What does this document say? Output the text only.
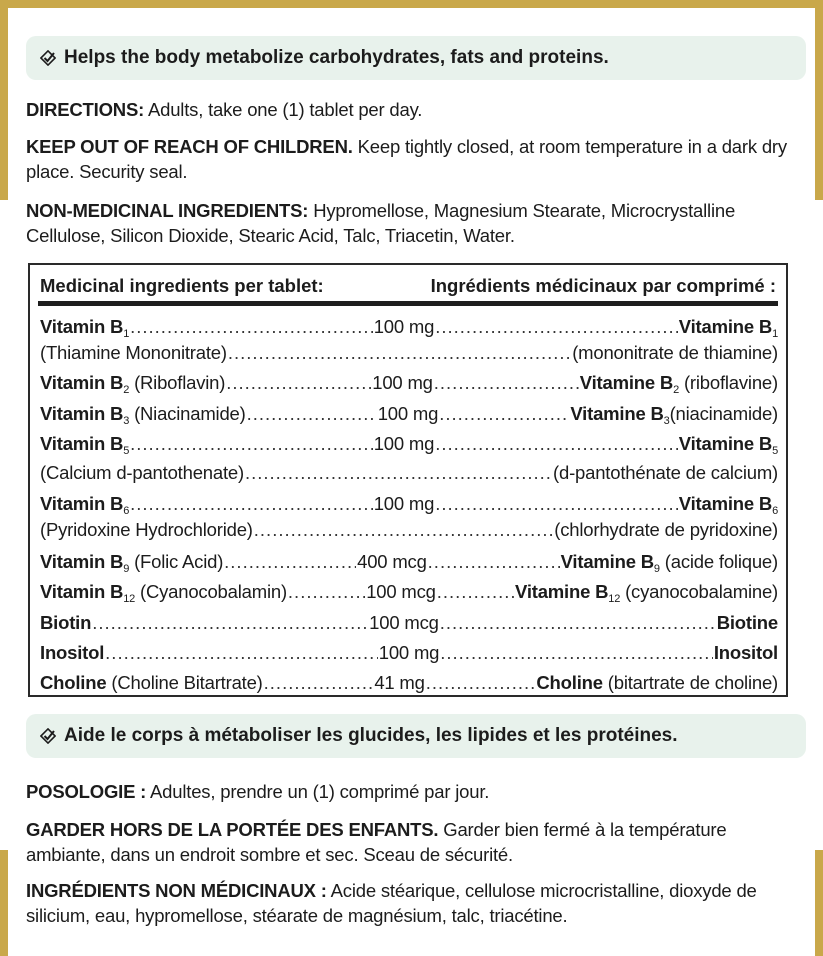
Helps the body metabolize carbohydrates, fats and proteins.
DIRECTIONS: Adults, take one (1) tablet per day.
KEEP OUT OF REACH OF CHILDREN. Keep tightly closed, at room temperature in a dark dry place. Security seal.
NON-MEDICINAL INGREDIENTS: Hypromellose, Magnesium Stearate, Microcrystalline Cellulose, Silicon Dioxide, Stearic Acid, Talc, Triacetin, Water.
Medicinal ingredients per tablet:	Ingrédients médicinaux par comprimé :
Vitamin $B_1$ .....	100 mg .....	Vitamine $B_1$
(Thiamine Mononitrate) .....	(mononitrate de thiamine)
Vitamin $B_2$ (Riboflavin) .....	100 mg .....	Vitamine $B_2$ (riboflavine)
Vitamin $B_3$ (Niacinamide) .....	100 mg .....	Vitamine $B_3(niacinamide)$
Vitamin $B_5$ .....	100 mg .....	Vitamine $B_5$
(Calcium d-pantothenate) .....	(d-pantothénate de calcium)
Vitamin $B_6$ .....	100 mg .....	Vitamine $B_6$
(Pyridoxine Hydrochloride) .....	(chlorhydrate de pyridoxine)
Vitamin $B_9$ (Folic Acid) .....	400 mcg .....	Vitamine $B_9$ (acide folique)
Vitamin $B_{12}$ (Cyanocobalamin) .....	100 mcg .....	Vitamine $B_{12}$ (cyanocobalamine)
Biotin .....	100 mcg .....	Biotine
Inositol .....	100 mg .....	Inositol
Choline (Choline Bitartrate) .....	41 mg .....	Choline (bitartrate de choline)
Aide le corps à métaboliser les glucides, les lipides et les protéines.
POSOLOGIE : Adultes, prendre un (1) comprimé par jour.
GARDER HORS DE LA PORTÉE DES ENFANTS. Garder bien fermé à la température ambiante, dans un endroit sombre et sec. Sceau de sécurité.
INGRÉDIENTS NON MÉDICINAUX : Acide stéarique, cellulose microcristalline, dioxyde de silicium, eau, hypromellose, stéarate de magnésium, talc, triacétine.
